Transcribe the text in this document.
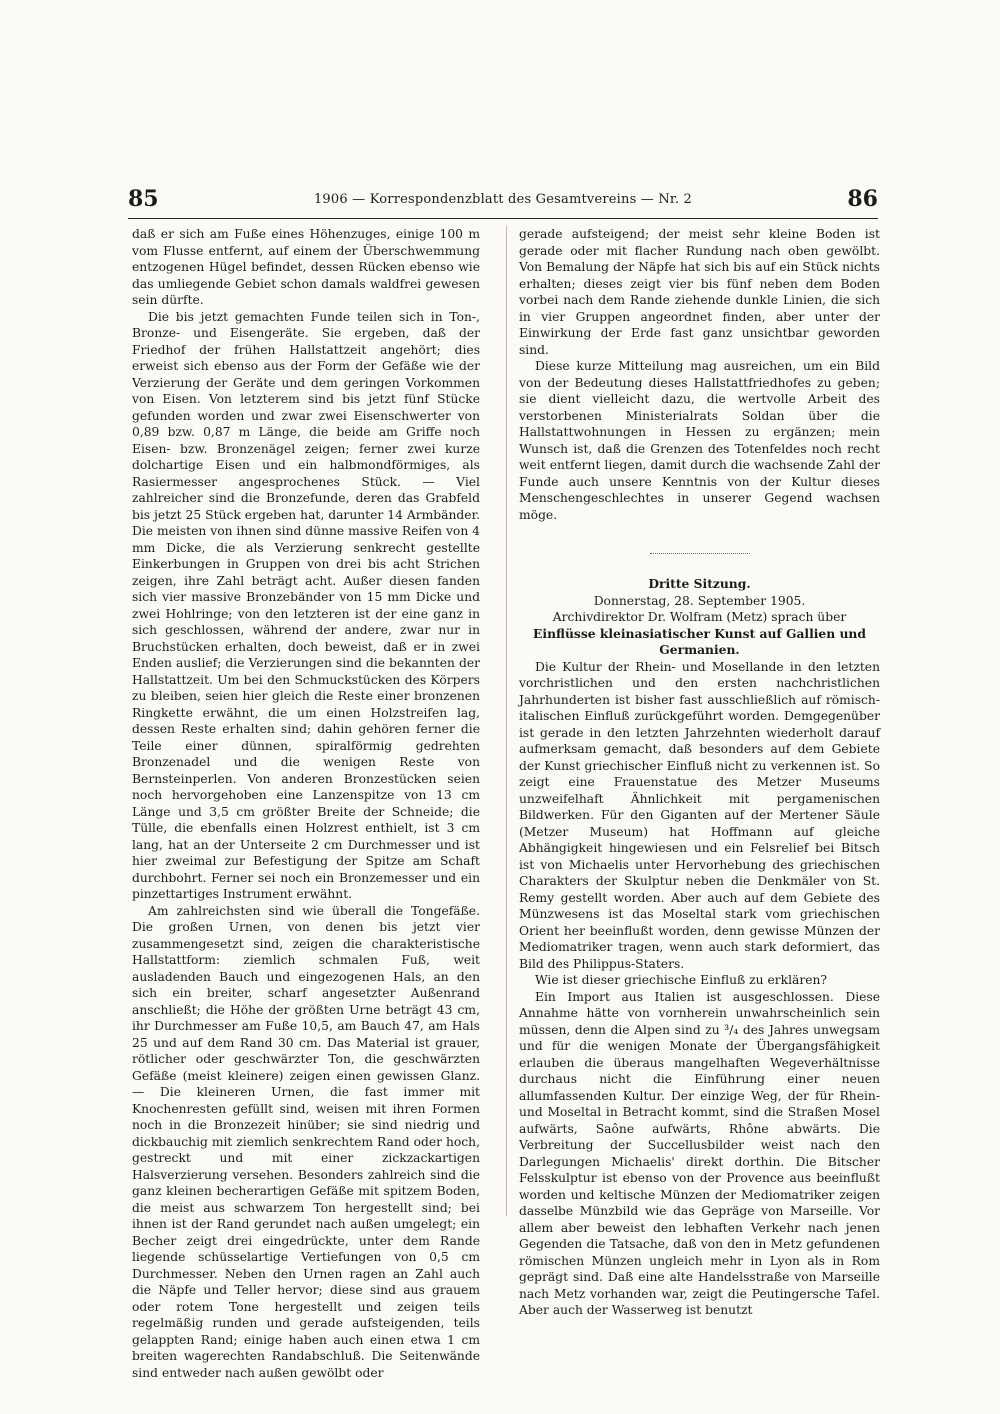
85	1906 — Korrespondenzblatt des Gesamtvereins — Nr. 2	86

daß er sich am Fuße eines Höhenzuges, einige 100 m vom Flusse entfernt, auf einem der Überschwemmung entzogenen Hügel befindet, dessen Rücken ebenso wie das umliegende Gebiet schon damals waldfrei gewesen sein dürfte.

Die bis jetzt gemachten Funde teilen sich in Ton-, Bronze- und Eisengeräte. Sie ergeben, daß der Friedhof der frühen Hallstattzeit angehört; dies erweist sich ebenso aus der Form der Gefäße wie der Verzierung der Geräte und dem geringen Vorkommen von Eisen. Von letzterem sind bis jetzt fünf Stücke gefunden worden und zwar zwei Eisenschwerter von 0,89 bzw. 0,87 m Länge, die beide am Griffe noch Eisen- bzw. Bronzenägel zeigen; ferner zwei kurze dolchartige Eisen und ein halbmondförmiges, als Rasiermesser angesprochenes Stück. — Viel zahlreicher sind die Bronzefunde, deren das Grabfeld bis jetzt 25 Stück ergeben hat, darunter 14 Armbänder. Die meisten von ihnen sind dünne massive Reifen von 4 mm Dicke, die als Verzierung senkrecht gestellte Einkerbungen in Gruppen von drei bis acht Strichen zeigen, ihre Zahl beträgt acht. Außer diesen fanden sich vier massive Bronzebänder von 15 mm Dicke und zwei Hohlringe; von den letzteren ist der eine ganz in sich geschlossen, während der andere, zwar nur in Bruchstücken erhalten, doch beweist, daß er in zwei Enden auslief; die Verzierungen sind die bekannten der Hallstattzeit. Um bei den Schmuckstücken des Körpers zu bleiben, seien hier gleich die Reste einer bronzenen Ringkette erwähnt, die um einen Holzstreifen lag, dessen Reste erhalten sind; dahin gehören ferner die Teile einer dünnen, spiralförmig gedrehten Bronzenadel und die wenigen Reste von Bernsteinperlen. Von anderen Bronzestücken seien noch hervorgehoben eine Lanzenspitze von 13 cm Länge und 3,5 cm größter Breite der Schneide; die Tülle, die ebenfalls einen Holzrest enthielt, ist 3 cm lang, hat an der Unterseite 2 cm Durchmesser und ist hier zweimal zur Befestigung der Spitze am Schaft durchbohrt. Ferner sei noch ein Bronzemesser und ein pinzettartiges Instrument erwähnt.

Am zahlreichsten sind wie überall die Tongefäße. Die großen Urnen, von denen bis jetzt vier zusammengesetzt sind, zeigen die charakteristische Hallstattform: ziemlich schmalen Fuß, weit ausladenden Bauch und eingezogenen Hals, an den sich ein breiter, scharf angesetzter Außenrand anschließt; die Höhe der größten Urne beträgt 43 cm, ihr Durchmesser am Fuße 10,5, am Bauch 47, am Hals 25 und auf dem Rand 30 cm. Das Material ist grauer, rötlicher oder geschwärzter Ton, die geschwärzten Gefäße (meist kleinere) zeigen einen gewissen Glanz. — Die kleineren Urnen, die fast immer mit Knochenresten gefüllt sind, weisen mit ihren Formen noch in die Bronzezeit hinüber; sie sind niedrig und dickbauchig mit ziemlich senkrechtem Rand oder hoch, gestreckt und mit einer zickzackartigen Halsverzierung versehen. Besonders zahlreich sind die ganz kleinen becherartigen Gefäße mit spitzem Boden, die meist aus schwarzem Ton hergestellt sind; bei ihnen ist der Rand gerundet nach außen umgelegt; ein Becher zeigt drei eingedrückte, unter dem Rande liegende schüsselartige Vertiefungen von 0,5 cm Durchmesser. Neben den Urnen ragen an Zahl auch die Näpfe und Teller hervor; diese sind aus grauem oder rotem Tone hergestellt und zeigen teils regelmäßig runden und gerade aufsteigenden, teils gelappten Rand; einige haben auch einen etwa 1 cm breiten wagerechten Randabschluß. Die Seitenwände sind entweder nach außen gewölbt oder

gerade aufsteigend; der meist sehr kleine Boden ist gerade oder mit flacher Rundung nach oben gewölbt. Von Bemalung der Näpfe hat sich bis auf ein Stück nichts erhalten; dieses zeigt vier bis fünf neben dem Boden vorbei nach dem Rande ziehende dunkle Linien, die sich in vier Gruppen angeordnet finden, aber unter der Einwirkung der Erde fast ganz unsichtbar geworden sind.

Diese kurze Mitteilung mag ausreichen, um ein Bild von der Bedeutung dieses Hallstattfriedhofes zu geben; sie dient vielleicht dazu, die wertvolle Arbeit des verstorbenen Ministerialrats Soldan über die Hallstattwohnungen in Hessen zu ergänzen; mein Wunsch ist, daß die Grenzen des Totenfeldes noch recht weit entfernt liegen, damit durch die wachsende Zahl der Funde auch unsere Kenntnis von der Kultur dieses Menschengeschlechtes in unserer Gegend wachsen möge.

Dritte Sitzung.

Donnerstag, 28. September 1905.

Archivdirektor Dr. Wolfram (Metz) sprach über

Einflüsse kleinasiatischer Kunst auf Gallien und Germanien.

Die Kultur der Rhein- und Mosellande in den letzten vorchristlichen und den ersten nachchristlichen Jahrhunderten ist bisher fast ausschließlich auf römisch-italischen Einfluß zurückgeführt worden. Demgegenüber ist gerade in den letzten Jahrzehnten wiederholt darauf aufmerksam gemacht, daß besonders auf dem Gebiete der Kunst griechischer Einfluß nicht zu verkennen ist. So zeigt eine Frauenstatue des Metzer Museums unzweifelhaft Ähnlichkeit mit pergamenischen Bildwerken. Für den Giganten auf der Mertener Säule (Metzer Museum) hat Hoffmann auf gleiche Abhängigkeit hingewiesen und ein Felsrelief bei Bitsch ist von Michaelis unter Hervorhebung des griechischen Charakters der Skulptur neben die Denkmäler von St. Remy gestellt worden. Aber auch auf dem Gebiete des Münzwesens ist das Moseltal stark vom griechischen Orient her beeinflußt worden, denn gewisse Münzen der Mediomatriker tragen, wenn auch stark deformiert, das Bild des Philippus-Staters.

Wie ist dieser griechische Einfluß zu erklären?

Ein Import aus Italien ist ausgeschlossen. Diese Annahme hätte von vornherein unwahrscheinlich sein müssen, denn die Alpen sind zu ³/₄ des Jahres unwegsam und für die wenigen Monate der Übergangsfähigkeit erlauben die überaus mangelhaften Wegeverhältnisse durchaus nicht die Einführung einer neuen allumfassenden Kultur. Der einzige Weg, der für Rhein- und Moseltal in Betracht kommt, sind die Straßen Mosel aufwärts, Saône aufwärts, Rhône abwärts. Die Verbreitung der Succellusbilder weist nach den Darlegungen Michaelis' direkt dorthin. Die Bitscher Felsskulptur ist ebenso von der Provence aus beeinflußt worden und keltische Münzen der Mediomatriker zeigen dasselbe Münzbild wie das Gepräge von Marseille. Vor allem aber beweist den lebhaften Verkehr nach jenen Gegenden die Tatsache, daß von den in Metz gefundenen römischen Münzen ungleich mehr in Lyon als in Rom geprägt sind. Daß eine alte Handelsstraße von Marseille nach Metz vorhanden war, zeigt die Peutingersche Tafel. Aber auch der Wasserweg ist benutzt
